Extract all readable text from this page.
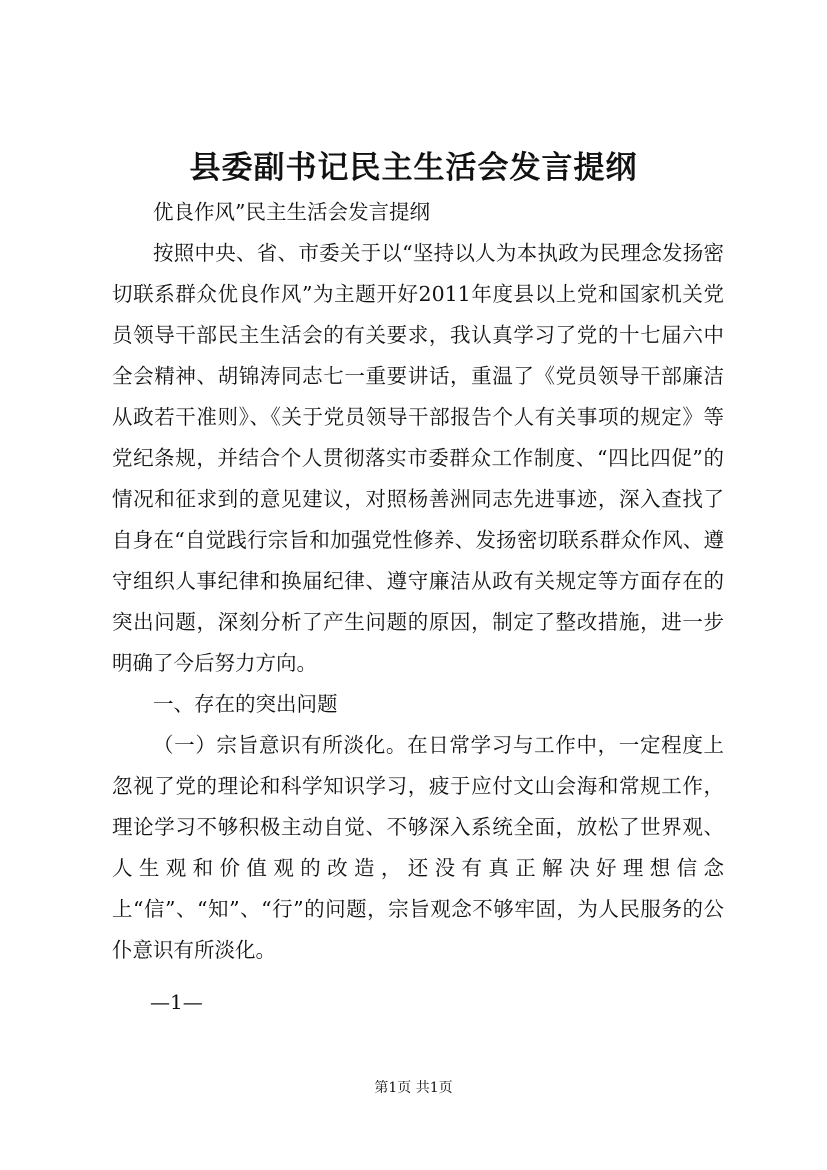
县委副书记民主生活会发言提纲

优良作风”民主生活会发言提纲

按照中央、省、市委关于以“坚持以人为本执政为民理念发扬密切联系群众优良作风”为主题开好2011年度县以上党和国家机关党员领导干部民主生活会的有关要求，我认真学习了党的十七届六中全会精神、胡锦涛同志七一重要讲话，重温了《党员领导干部廉洁从政若干准则》、《关于党员领导干部报告个人有关事项的规定》等党纪条规，并结合个人贯彻落实市委群众工作制度、“四比四促”的情况和征求到的意见建议，对照杨善洲同志先进事迹，深入查找了自身在“自觉践行宗旨和加强党性修养、发扬密切联系群众作风、遵守组织人事纪律和换届纪律、遵守廉洁从政有关规定等方面存在的突出问题，深刻分析了产生问题的原因，制定了整改措施，进一步明确了今后努力方向。

一、存在的突出问题

（一）宗旨意识有所淡化。在日常学习与工作中，一定程度上忽视了党的理论和科学知识学习，疲于应付文山会海和常规工作，理论学习不够积极主动自觉、不够深入系统全面，放松了世界观、人生观和价值观的改造，还没有真正解决好理想信念上“信”、“知”、“行”的问题，宗旨观念不够牢固，为人民服务的公仆意识有所淡化。

—1—
第1页 共1页
